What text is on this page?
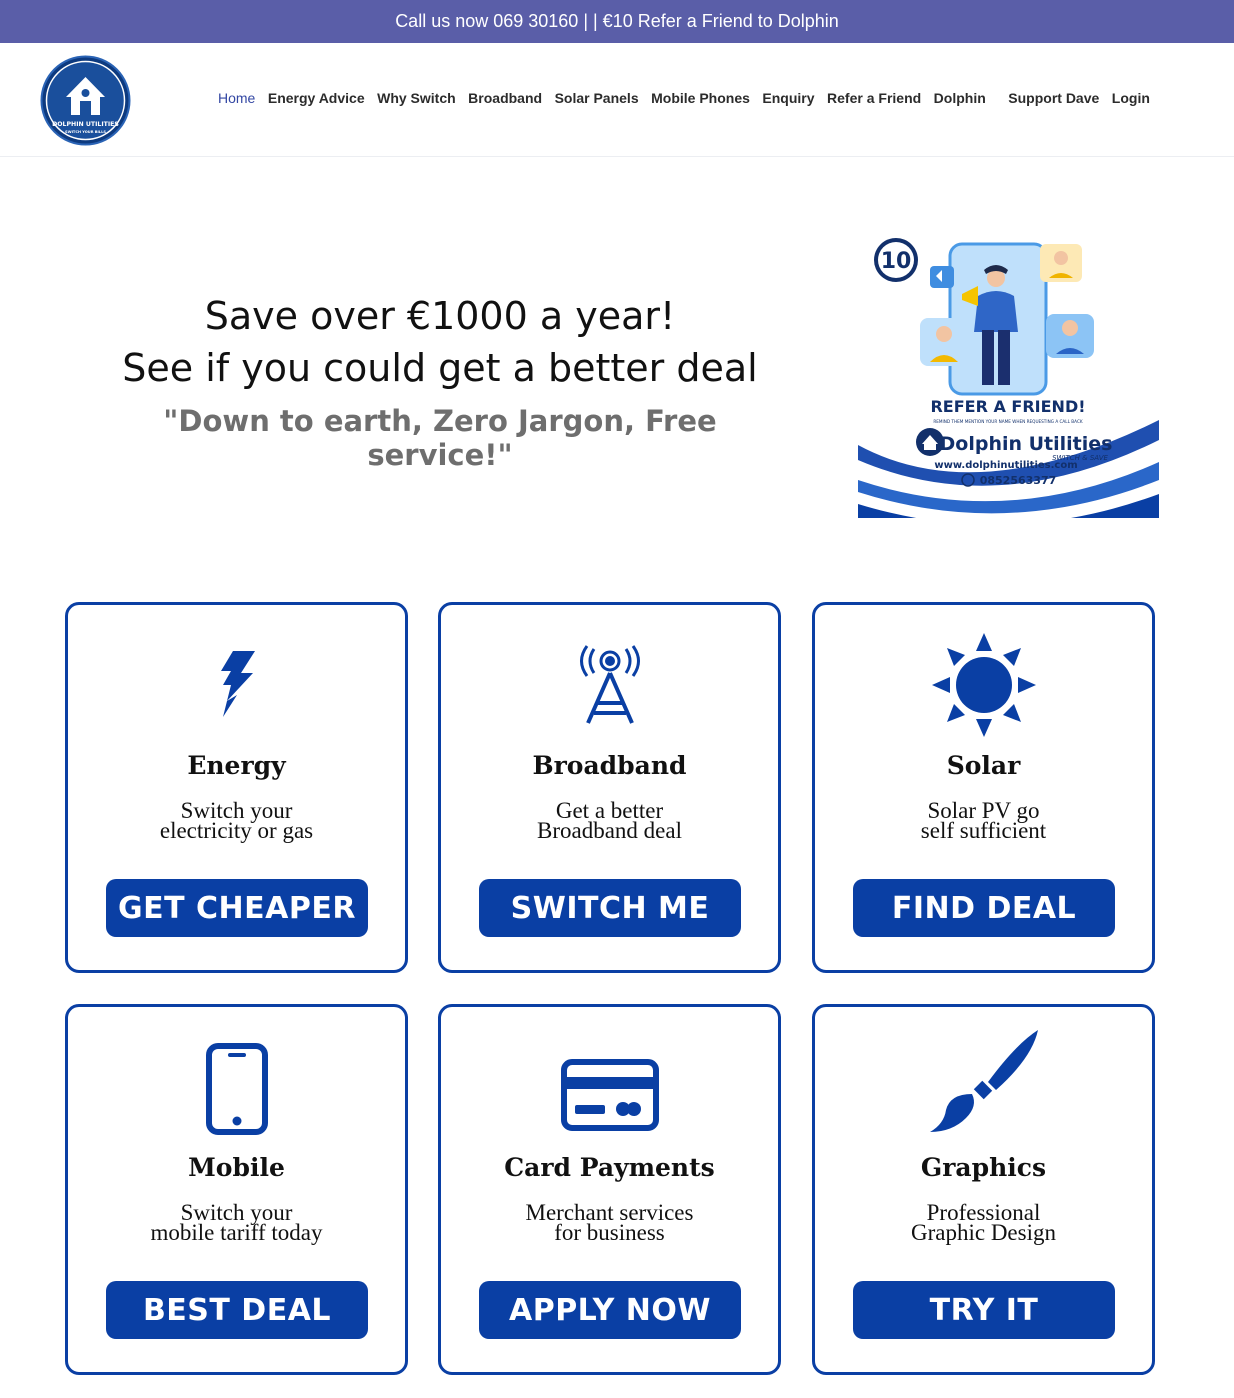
Call us now 069 30160 | | €10 Refer a Friend to Dolphin
DOLPHIN UTILITIES
SWITCH YOUR BILLS
Home Energy Advice Why Switch Broadband Solar Panels Mobile Phones Enquiry Refer a Friend Dolphin Support Dave Login
Save over €1000 a year!
See if you could get a better deal
"Down to earth, Zero Jargon, Free service!"
10
REFER A FRIEND!
REMIND THEM MENTION YOUR NAME WHEN REQUESTING A CALL BACK
Dolphin Utilities
SWITCH & SAVE
www.dolphinutilities.com
0852563377
Energy
Switch your
electricity or gas
GET CHEAPER
Broadband
Get a better
Broadband deal
SWITCH ME
Solar
Solar PV go
self sufficient
FIND DEAL
Mobile
Switch your
mobile tariff today
BEST DEAL
Card Payments
Merchant services
for business
APPLY NOW
Graphics
Professional
Graphic Design
TRY IT
